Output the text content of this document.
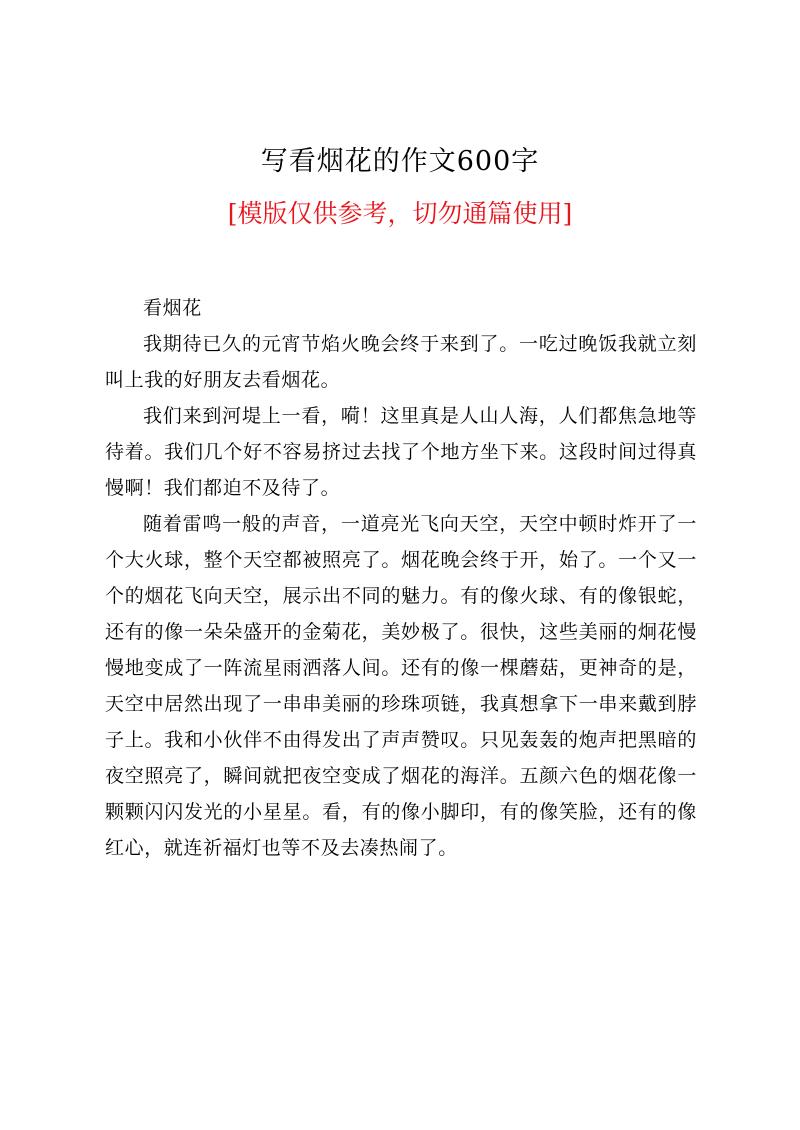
写看烟花的作文600字
[模版仅供参考，切勿通篇使用]

看烟花

我期待已久的元宵节焰火晚会终于来到了。一吃过晚饭我就立刻叫上我的好朋友去看烟花。

我们来到河堤上一看，嗬！这里真是人山人海，人们都焦急地等待着。我们几个好不容易挤过去找了个地方坐下来。这段时间过得真慢啊！我们都迫不及待了。

随着雷鸣一般的声音，一道亮光飞向天空，天空中顿时炸开了一个大火球，整个天空都被照亮了。烟花晚会终于开，始了。一个又一个的烟花飞向天空，展示出不同的魅力。有的像火球、有的像银蛇，还有的像一朵朵盛开的金菊花，美妙极了。很快，这些美丽的炯花慢慢地变成了一阵流星雨洒落人间。还有的像一棵蘑菇，更神奇的是，天空中居然出现了一串串美丽的珍珠项链，我真想拿下一串来戴到脖子上。我和小伙伴不由得发出了声声赞叹。只见轰轰的炮声把黑暗的夜空照亮了，瞬间就把夜空变成了烟花的海洋。五颜六色的烟花像一颗颗闪闪发光的小星星。看，有的像小脚印，有的像笑脸，还有的像红心，就连祈福灯也等不及去凑热闹了。
